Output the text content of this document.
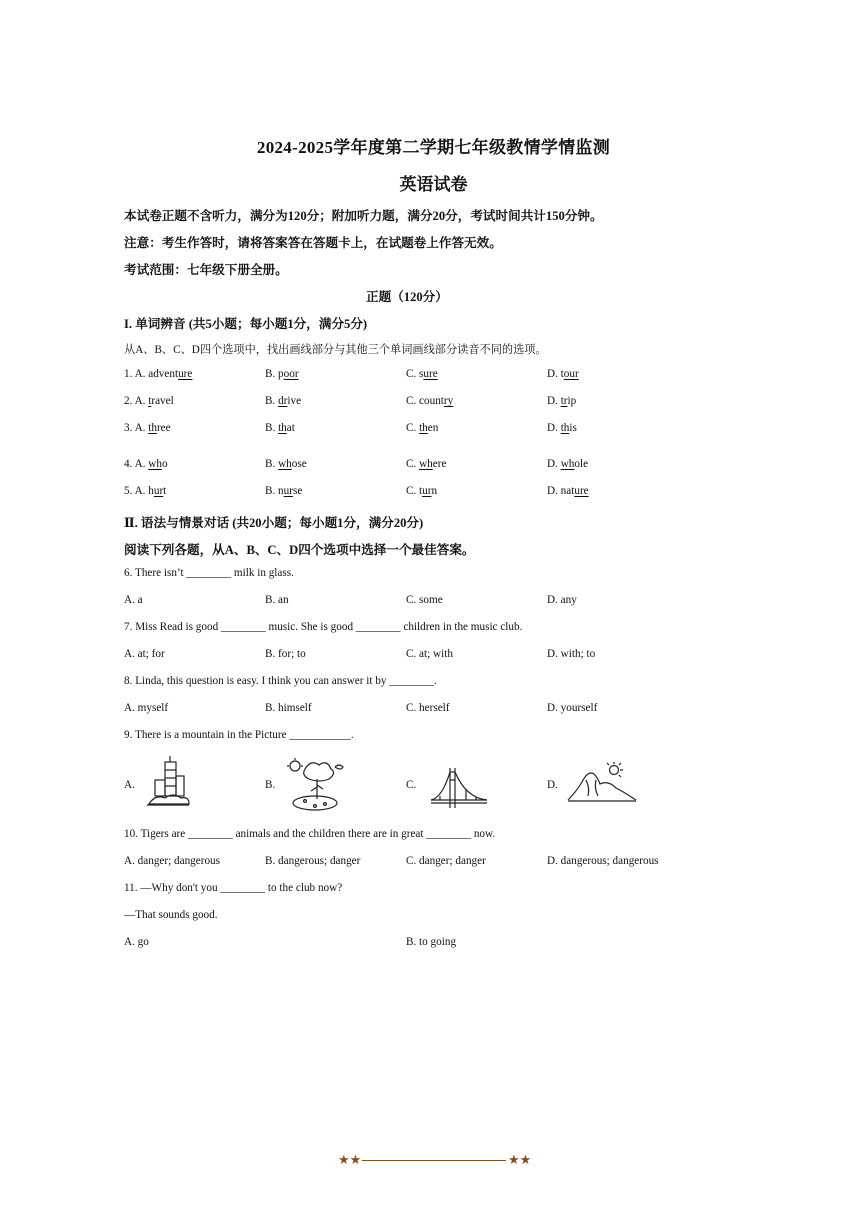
2024-2025学年度第二学期七年级教情学情监测
英语试卷
本试卷正题不含听力，满分为120分；附加听力题，满分20分，考试时间共计150分钟。
注意：考生作答时，请将答案答在答题卡上，在试题卷上作答无效。
考试范围：七年级下册全册。
正题（120分）
I. 单词辨音 (共5小题；每小题1分，满分5分)
从A、B、C、D四个选项中，找出画线部分与其他三个单词画线部分读音不同的选项。
1. A. adventure	B. poor	C. sure	D. tour
2. A. travel	B. drive	C. country	D. trip
3. A. three	B. that	C. then	D. this
4. A. who	B. whose	C. where	D. whole
5. A. hurt	B. nurse	C. turn	D. nature
Ⅱ. 语法与情景对话 (共20小题；每小题1分，满分20分)
阅读下列各题，从A、B、C、D四个选项中选择一个最佳答案。
6. There isn’t ________ milk in glass.
A. a	B. an	C. some	D. any
7. Miss Read is good ________ music. She is good ________ children in the music club.
A. at; for	B. for; to	C. at; with	D. with; to
8. Linda, this question is easy. I think you can answer it by ________.
A. myself	B. himself	C. herself	D. yourself
9. There is a mountain in the Picture ___________.
A.	B.	C.	D.
10. Tigers are ________ animals and the children there are in great ________ now.
A. danger; dangerous	B. dangerous; danger	C. danger; danger	D. dangerous; dangerous
11. —Why don't you ________ to the club now?
—That sounds good.
A. go	B. to going
★★	★★
